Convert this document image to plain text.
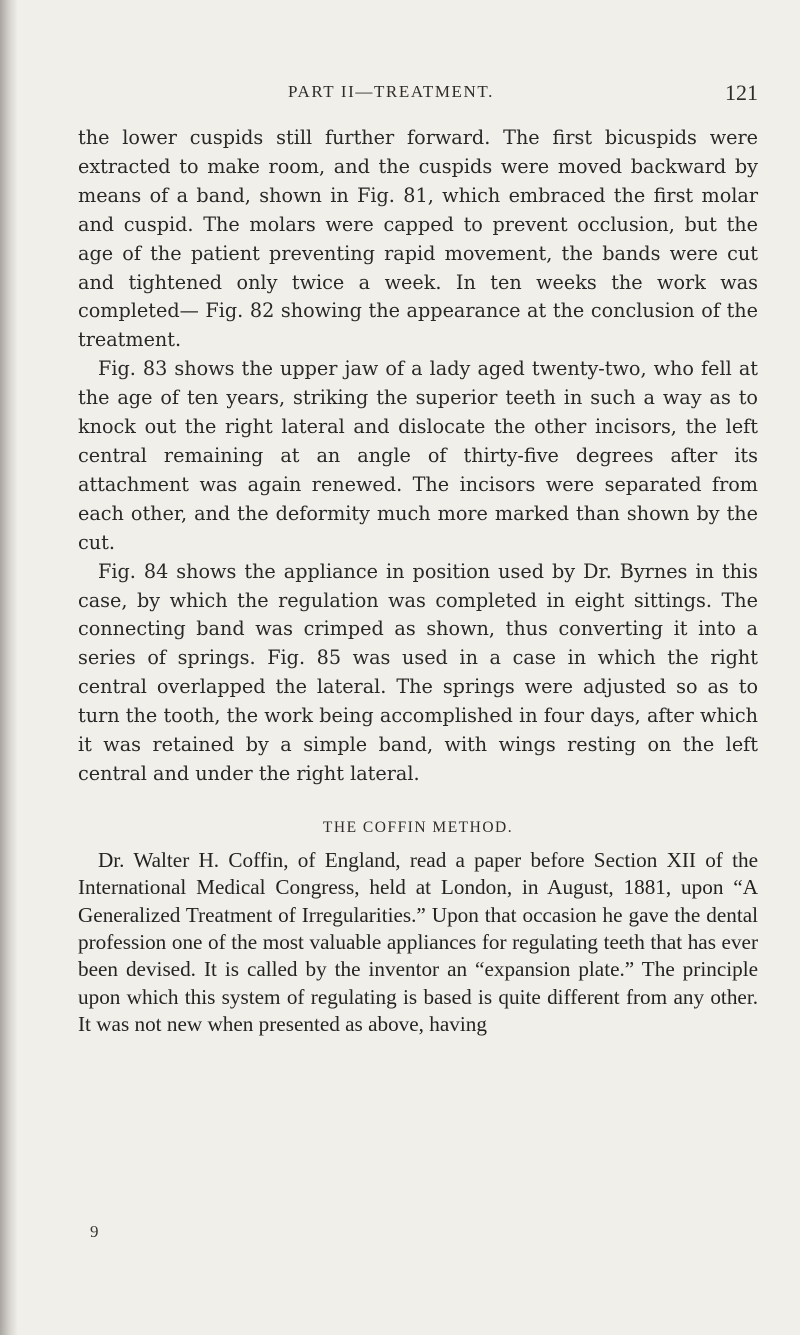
PART II—TREATMENT.	121

the lower cuspids still further forward. The first bicuspids were extracted to make room, and the cuspids were moved backward by means of a band, shown in Fig. 81, which embraced the first molar and cuspid. The molars were capped to prevent occlusion, but the age of the patient preventing rapid movement, the bands were cut and tightened only twice a week. In ten weeks the work was completed— Fig. 82 showing the appearance at the conclusion of the treatment.

Fig. 83 shows the upper jaw of a lady aged twenty-two, who fell at the age of ten years, striking the superior teeth in such a way as to knock out the right lateral and dislocate the other incisors, the left central remaining at an angle of thirty-five degrees after its attachment was again renewed. The incisors were separated from each other, and the deformity much more marked than shown by the cut.

Fig. 84 shows the appliance in position used by Dr. Byrnes in this case, by which the regulation was completed in eight sittings. The connecting band was crimped as shown, thus converting it into a series of springs. Fig. 85 was used in a case in which the right central overlapped the lateral. The springs were adjusted so as to turn the tooth, the work being accomplished in four days, after which it was retained by a simple band, with wings resting on the left central and under the right lateral.

THE COFFIN METHOD.

Dr. Walter H. Coffin, of England, read a paper before Section XII of the International Medical Congress, held at London, in August, 1881, upon “A Generalized Treatment of Irregularities.” Upon that occasion he gave the dental profession one of the most valuable appliances for regulating teeth that has ever been devised. It is called by the inventor an “expansion plate.” The principle upon which this system of regulating is based is quite different from any other. It was not new when presented as above, having

9
